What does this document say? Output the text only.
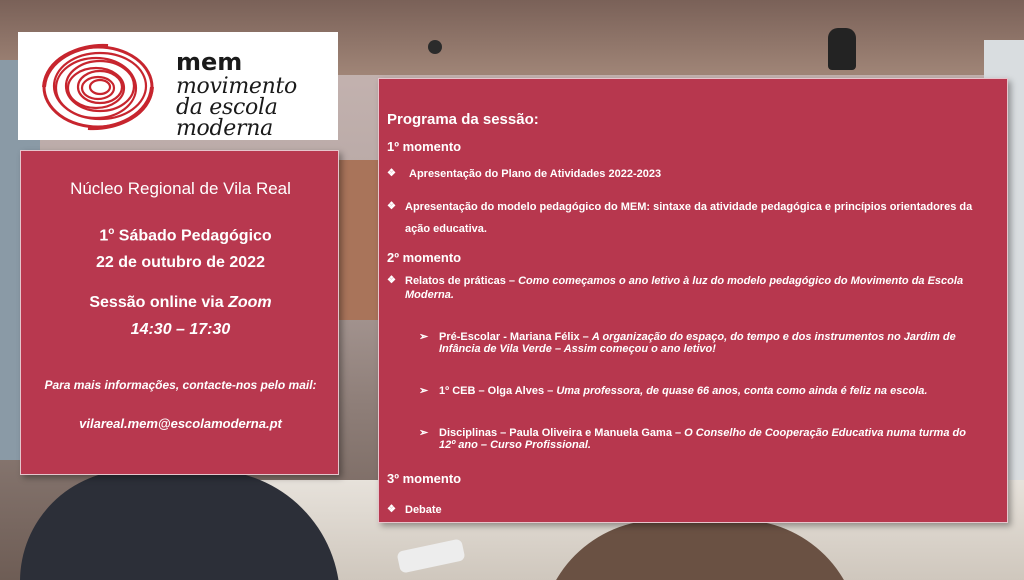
mem
movimento
da escola
moderna
Núcleo Regional de Vila Real
1$^o$ Sábado Pedagógico
22 de outubro de 2022
Sessão online via Zoom
14:30 – 17:30
Para mais informações, contacte-nos pelo mail:
vilareal.mem@escolamoderna.pt
Programa da sessão:
1º momento
❖	Apresentação do Plano de Atividades 2022-2023
❖ Apresentação do modelo pedagógico do MEM: sintaxe da atividade pedagógica e princípios orientadores da ação educativa.
2º momento
❖ Relatos de práticas – Como começamos o ano letivo à luz do modelo pedagógico do Movimento da Escola Moderna.
➢ Pré-Escolar - Mariana Félix – A organização do espaço, do tempo e dos instrumentos no Jardim de Infância de Vila Verde – Assim começou o ano letivo!
➢ 1º CEB – Olga Alves – Uma professora, de quase 66 anos, conta como ainda é feliz na escola.
➢ Disciplinas – Paula Oliveira e Manuela Gama – O Conselho de Cooperação Educativa numa turma do 12º ano – Curso Profissional.
3º momento
❖ Debate
